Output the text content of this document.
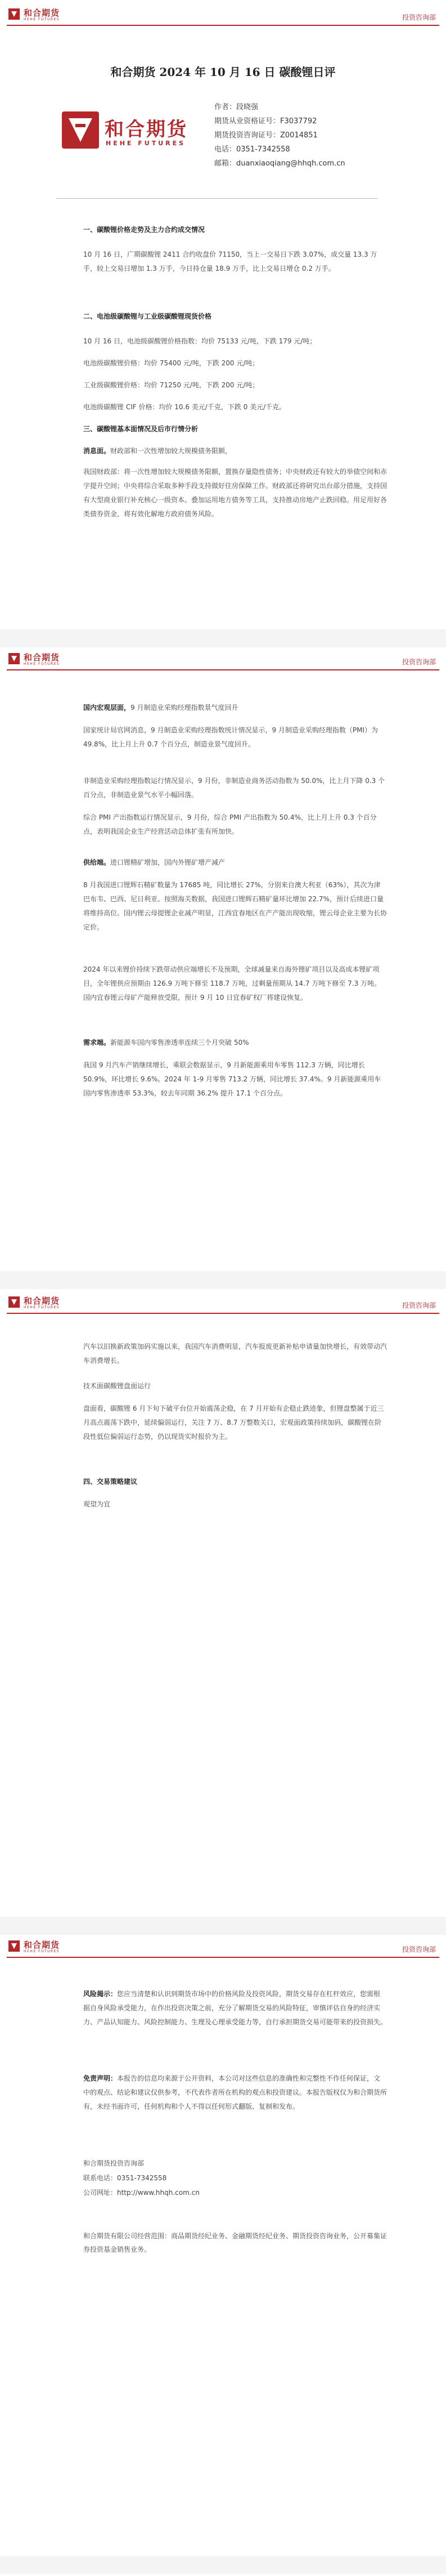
和合期货
HEHE FUTURES	投资咨询部
和合期货 2024 年 10 月 16 日 碳酸锂日评
和合期货
HEHE FUTURES
作者：段晓强
期货从业资格证号：F3037792
期货投资咨询证号：Z0014851
电话：0351-7342558
邮箱：duanxiaoqiang@hhqh.com.cn
一、碳酸锂价格走势及主力合约成交情况
10 月 16 日，广期碳酸锂 2411 合约收盘价 71150，当上一交易日下跌 3.07%，成交量 13.3 万手，较上交易日增加 1.3 万手，今日持仓量 18.9 万手，比上交易日增仓 0.2 万手。
二、电池级碳酸锂与工业级碳酸锂现货价格
10 月 16 日，电池级碳酸锂价格指数：均价 75133 元/吨，下跌 179 元/吨；
电池级碳酸锂价格：均价 75400 元/吨，下跌 200 元/吨；
工业级碳酸锂价格：均价 71250 元/吨，下跌 200 元/吨；
电池级碳酸锂 CIF 价格：均价 10.6 美元/千克，下跌 0 美元/千克。
三、碳酸锂基本面情况及后市行情分析
消息面。财政部和一次性增加较大规模债务限额，
我国财政部：将一次性增加较大规模债务限额，置换存量隐性债务；中央财政还有较大的举债空间和赤字提升空间；中央将综合采取多种手段支持做好住房保障工作。财政部还将研究出台部分措施，支持国有大型商业银行补充核心一级资本。叠加运用地方债务等工具，支持推动房地产止跌回稳。用足用好各类债券资金，将有效化解地方政府债务风险。
和合期货
HEHE FUTURES	投资咨询部
国内宏观层面，9 月制造业采购经理指数景气度回升
国家统计局官网消息，9 月制造业采购经理指数统计情况显示，9 月制造业采购经理指数（PMI）为 49.8%，比上月上升 0.7 个百分点，制造业景气度回升。
非制造业采购经理指数运行情况显示，9 月份，非制造业商务活动指数为 50.0%，比上月下降 0.3 个百分点，非制造业景气水平小幅回落。
综合 PMI 产出指数运行情况显示，9 月份，综合 PMI 产出指数为 50.4%，比上月上升 0.3 个百分点，表明我国企业生产经营活动总体扩张有所加快。
供给端。进口锂精矿增加，国内外锂矿增产减产
8 月我国进口锂辉石精矿数量为 17685 吨，同比增长 27%，分别来自澳大利亚（63%），其次为津巴布韦、巴西、尼日利亚。按照海关数据，我国进口锂辉石精矿量环比增加 22.7%，预计后续进口量将维持高位。国内锂云母提锂企业减产明显，江西宜春地区在产产能出现收缩，锂云母企业主要为长协定价。
2024 年以来锂价持续下跌带动供应端增长不及预期，全球减量来自海外锂矿项目以及高成本锂矿项目，全年锂供应预期由 126.9 万吨下修至 118.7 万吨，过剩量预期从 14.7 万吨下修至 7.3 万吨。国内宜春锂云母矿产能释放受限，预计 9 月 10 日宜春矿权厂将建设恢复。
需求端。新能源车国内零售渗透率连续三个月突破 50%
我国 9 月汽车产销继续增长，乘联会数据显示，9 月新能源乘用车零售 112.3 万辆，同比增长 50.9%，环比增长 9.6%。2024 年 1-9 月零售 713.2 万辆，同比增长 37.4%。9 月新能源乘用车国内零售渗透率 53.3%，较去年同期 36.2% 提升 17.1 个百分点。
和合期货
HEHE FUTURES	投资咨询部
汽车以旧换新政策加码实施以来，我国汽车消费明显，汽车报废更新补贴申请量加快增长，有效带动汽车消费增长。
技术面碳酸锂盘面运行
盘面看，碳酸锂 6 月下旬下破平台位开始震荡企稳，在 7 月开始有企稳止跌迹象，但锂盘整属于近三月高点震荡下跌中，延续偏弱运行，关注 7 万、8.7 万整数关口，宏观面政策持续加码，碳酸锂在阶段性低位偏弱运行态势，仍以现货实时报价为主。
四、交易策略建议
观望为宜
和合期货
HEHE FUTURES	投资咨询部
风险揭示：您应当清楚和认识到期货市场中的价格风险及投资风险，期货交易存在杠杆效应，您需根据自身风险承受能力，在作出投资决策之前，充分了解期货交易的风险特征，审慎评估自身的经济实力、产品认知能力、风险控制能力、生理及心理承受能力等，自行承担期货交易可能带来的投资损失。
免责声明：本报告的信息均来源于公开资料，本公司对这些信息的准确性和完整性不作任何保证，文中的观点、结论和建议仅供参考，不代表作者所在机构的观点和投资建议。本报告版权仅为和合期货所有，未经书面许可，任何机构和个人不得以任何形式翻版、复制和发布。
和合期货投资咨询部
联系电话：0351-7342558
公司网址：http://www.hhqh.com.cn
和合期货有限公司经营范围：商品期货经纪业务、金融期货经纪业务、期货投资咨询业务，公开募集证券投资基金销售业务。
